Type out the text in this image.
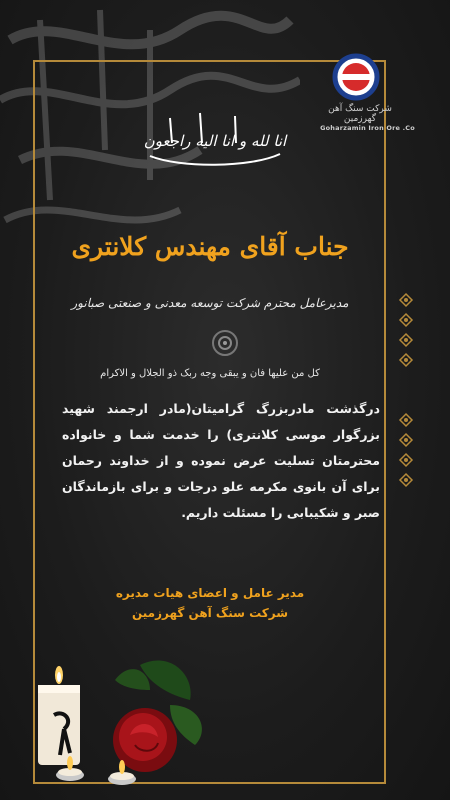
شرکت سنگ آهن گهرزمین
Goharzamin Iron Ore .Co
انا لله و انا الیه راجعون
جناب آقای مهندس کلانتری
مدیرعامل محترم شرکت توسعه معدنی و صنعتی صبانور
کل من علیها فان و یبقی وجه ربک ذو الجلال و الاکرام
درگذشت مادربزرگ گرامیتان(مادر ارجمند شهید بزرگوار موسی کلانتری) را خدمت شما و خانواده محترمتان تسلیت عرض نموده و از خداوند رحمان برای آن بانوی مکرمه علو درجات و برای بازماندگان صبر و شکیبابی را مسئلت داریم.
مدیر عامل و اعضای هیات مدیره
شرکت سنگ آهن گهرزمین
